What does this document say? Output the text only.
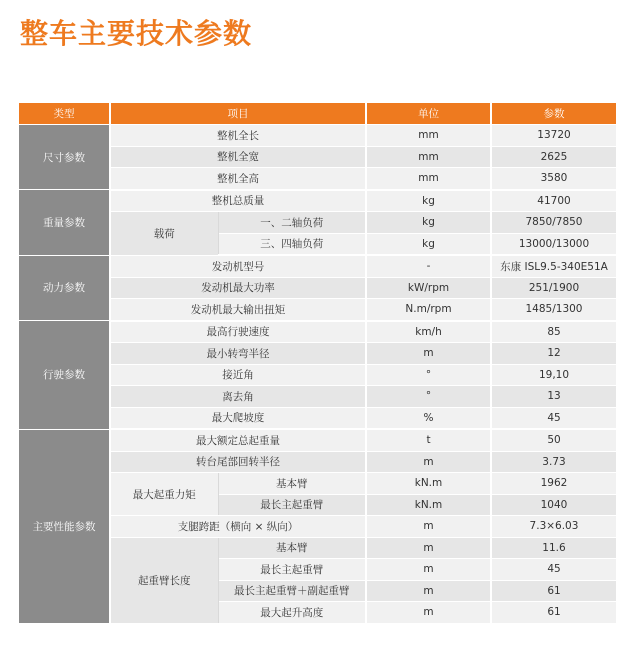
整车主要技术参数
类型	项目		单位	参数
尺寸参数	整机全长		mm	13720
	整机全宽		mm	2625
	整机全高		mm	3580
重量参数	整机总质量		kg	41700
	载荷	一、二轴负荷	kg	7850/7850
		三、四轴负荷	kg	13000/13000
动力参数	发动机型号		-	东康 ISL9.5-340E51A
	发动机最大功率		kW/rpm	251/1900
	发动机最大输出扭矩		N.m/rpm	1485/1300
行驶参数	最高行驶速度		km/h	85
	最小转弯半径		m	12
	接近角		°	19,10
	离去角		°	13
	最大爬坡度		%	45
主要性能参数	最大额定总起重量		t	50
	转台尾部回转半径		m	3.73
	最大起重力矩	基本臂	kN.m	1962
		最长主起重臂	kN.m	1040
	支腿跨距（横向 × 纵向）		m	7.3×6.03
	起重臂长度	基本臂	m	11.6
		最长主起重臂	m	45
		最长主起重臂＋副起重臂	m	61
		最大起升高度	m	61
